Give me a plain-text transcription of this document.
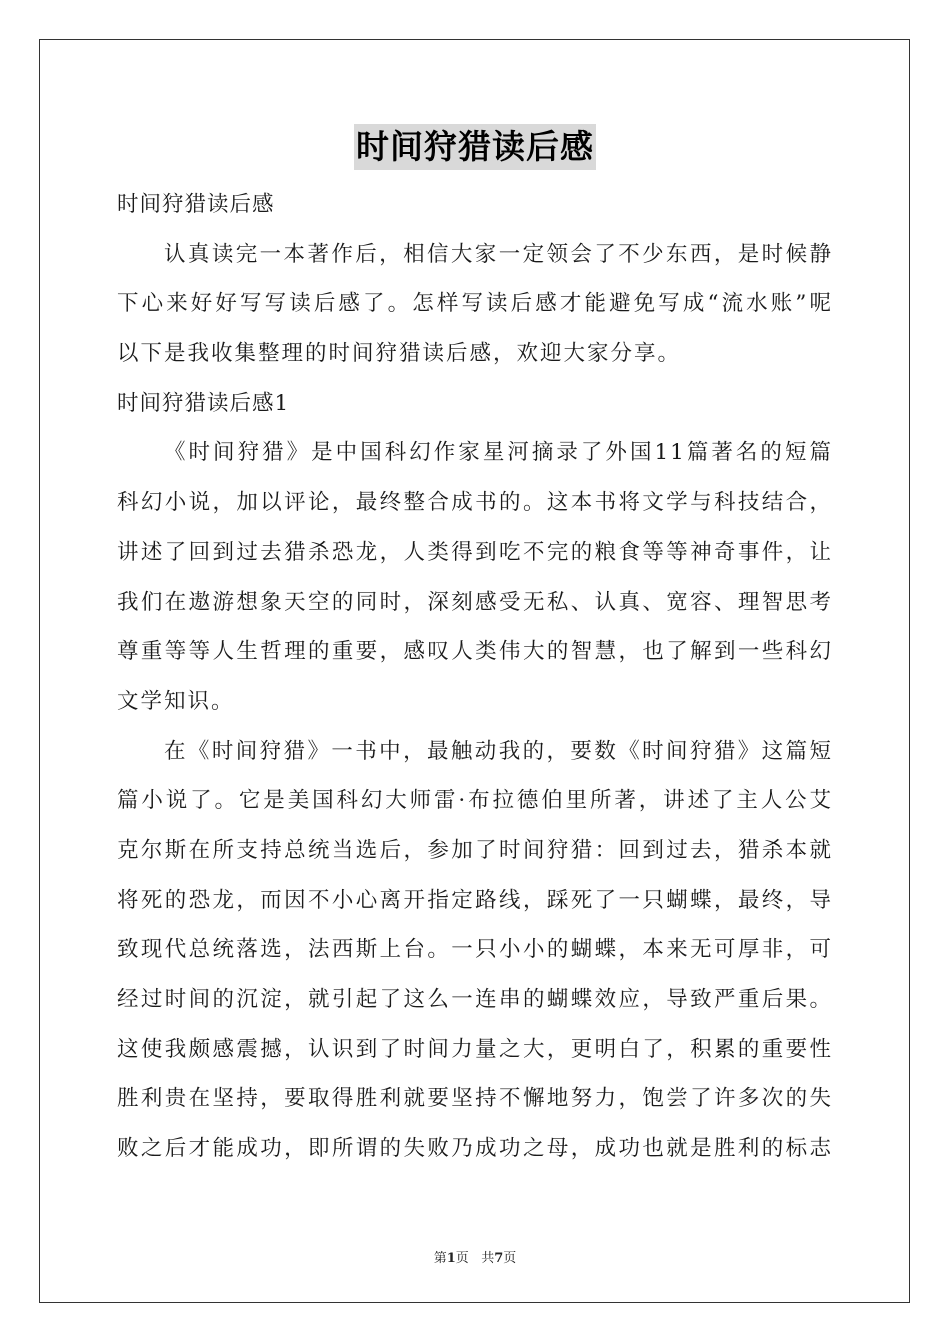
时间狩猎读后感
时间狩猎读后感
认真读完一本著作后，相信大家一定领会了不少东西，是时候静
下心来好好写写读后感了。怎样写读后感才能避免写成“流水账”呢
以下是我收集整理的时间狩猎读后感，欢迎大家分享。
时间狩猎读后感1
《时间狩猎》是中国科幻作家星河摘录了外国11篇著名的短篇
科幻小说，加以评论，最终整合成书的。这本书将文学与科技结合，
讲述了回到过去猎杀恐龙，人类得到吃不完的粮食等等神奇事件，让
我们在遨游想象天空的同时，深刻感受无私、认真、宽容、理智思考
尊重等等人生哲理的重要，感叹人类伟大的智慧，也了解到一些科幻
文学知识。
在《时间狩猎》一书中，最触动我的，要数《时间狩猎》这篇短
篇小说了。它是美国科幻大师雷·布拉德伯里所著，讲述了主人公艾
克尔斯在所支持总统当选后，参加了时间狩猎：回到过去，猎杀本就
将死的恐龙，而因不小心离开指定路线，踩死了一只蝴蝶，最终，导
致现代总统落选，法西斯上台。一只小小的蝴蝶，本来无可厚非，可
经过时间的沉淀，就引起了这么一连串的蝴蝶效应，导致严重后果。
这使我颇感震撼，认识到了时间力量之大，更明白了，积累的重要性
胜利贵在坚持，要取得胜利就要坚持不懈地努力，饱尝了许多次的失
败之后才能成功，即所谓的失败乃成功之母，成功也就是胜利的标志
第1页 共7页
